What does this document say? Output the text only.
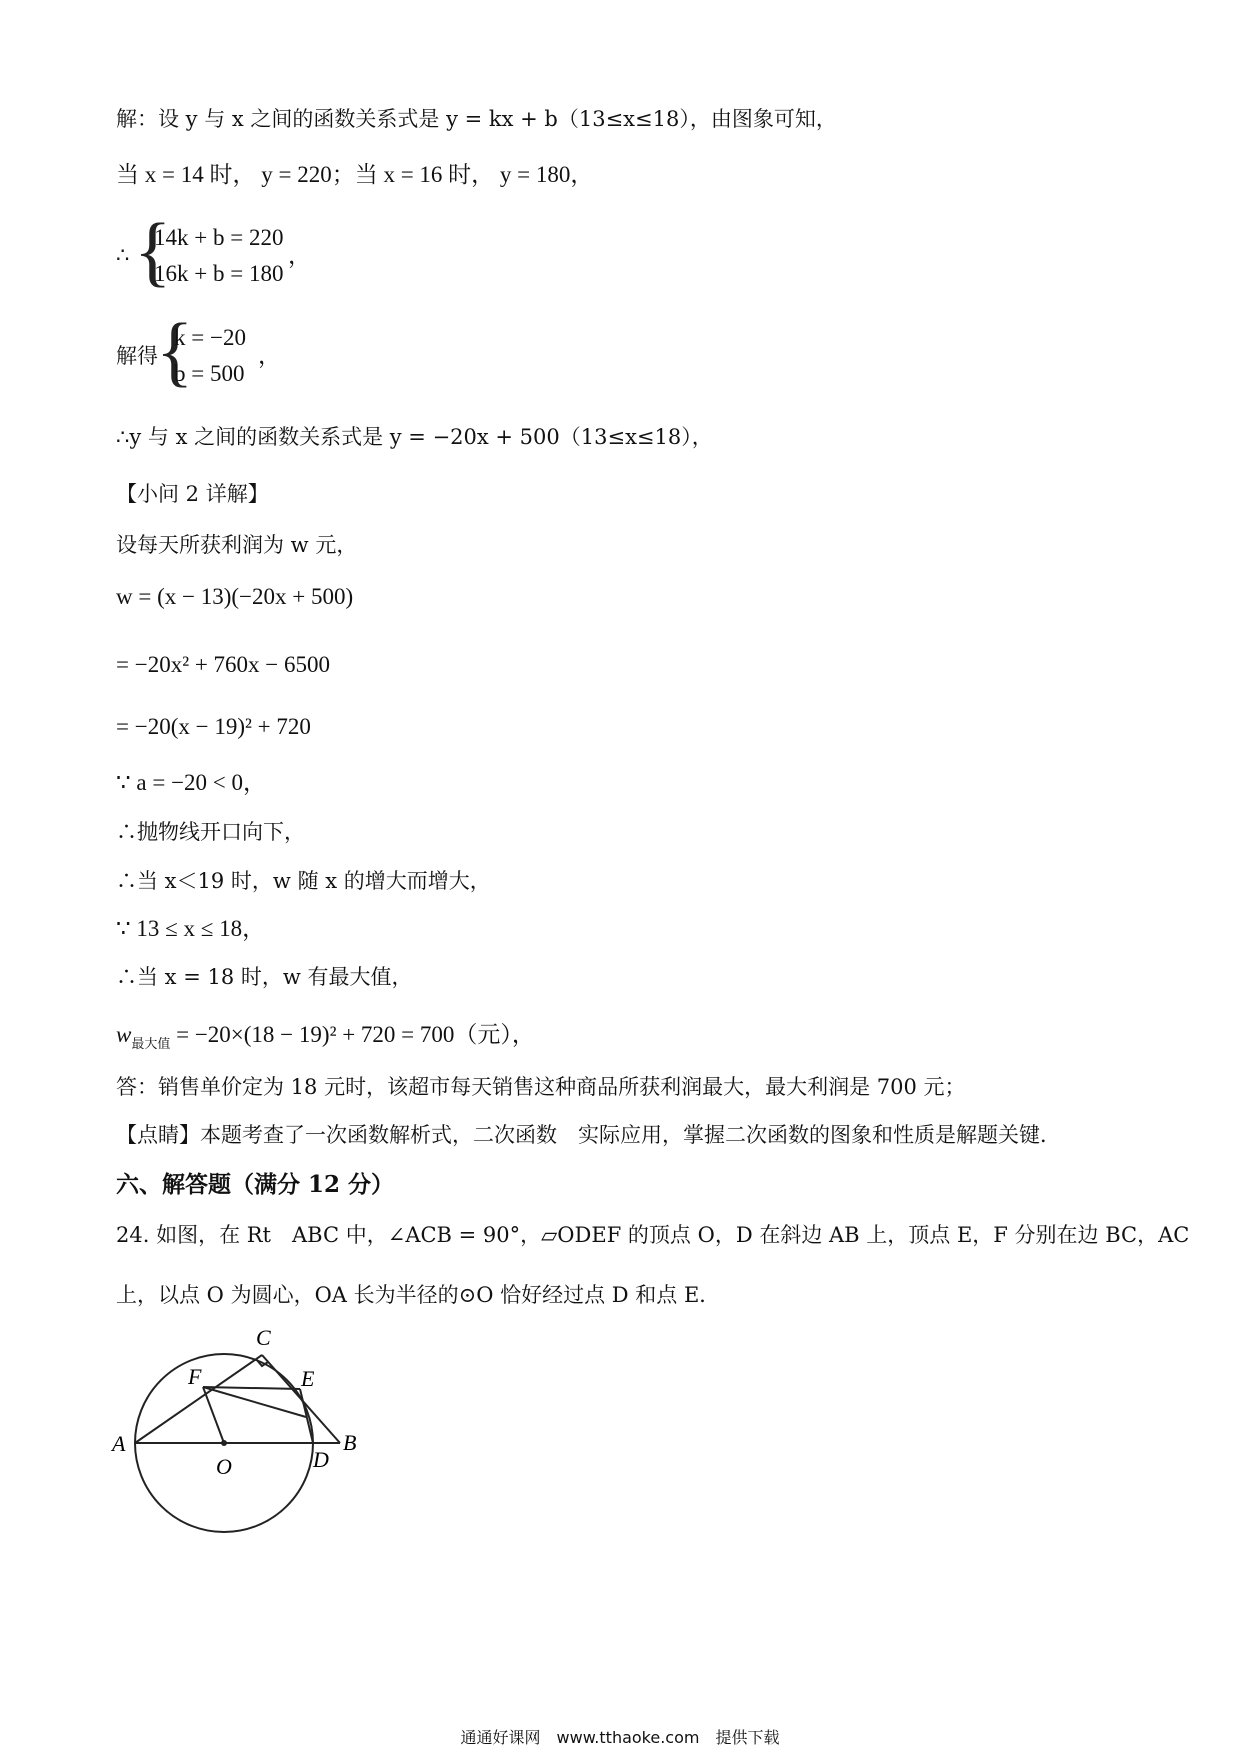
解：设 y 与 x 之间的函数关系式是 y = kx + b（13≤x≤18），由图象可知，
当 x = 14 时， y = 220；当 x = 16 时， y = 180，
∴ {
14k + b = 220
16k + b = 180
，
解得
{
k = −20
b = 500
，
∴y 与 x 之间的函数关系式是 y = −20x + 500（13≤x≤18），
【小问 2 详解】
设每天所获利润为 w 元，
w = (x − 13)(−20x + 500)
= −20x² + 760x − 6500
= −20(x − 19)² + 720
∵ a = −20 < 0，
∴抛物线开口向下，
∴当 x＜19 时，w 随 x 的增大而增大，
∵ 13 ≤ x ≤ 18，
∴当 x = 18 时，w 有最大值，
$w_{最大值} = -20\times(18 - 19)^2 + 720 = 700$（元），
答：销售单价定为 18 元时，该超市每天销售这种商品所获利润最大，最大利润是 700 元；
【点睛】本题考查了一次函数解析式，二次函数　实际应用，掌握二次函数的图象和性质是解题关键．
六、解答题（满分 12 分）
24. 如图，在 Rt　ABC 中，∠ACB = 90°，▱ODEF 的顶点 O，D 在斜边 AB 上，顶点 E，F 分别在边 BC，AC
上，以点 O 为圆心，OA 长为半径的⊙O 恰好经过点 D 和点 E．
A	B
C
D
E
F
O
通通好课网　www.tthaoke.com　提供下载
